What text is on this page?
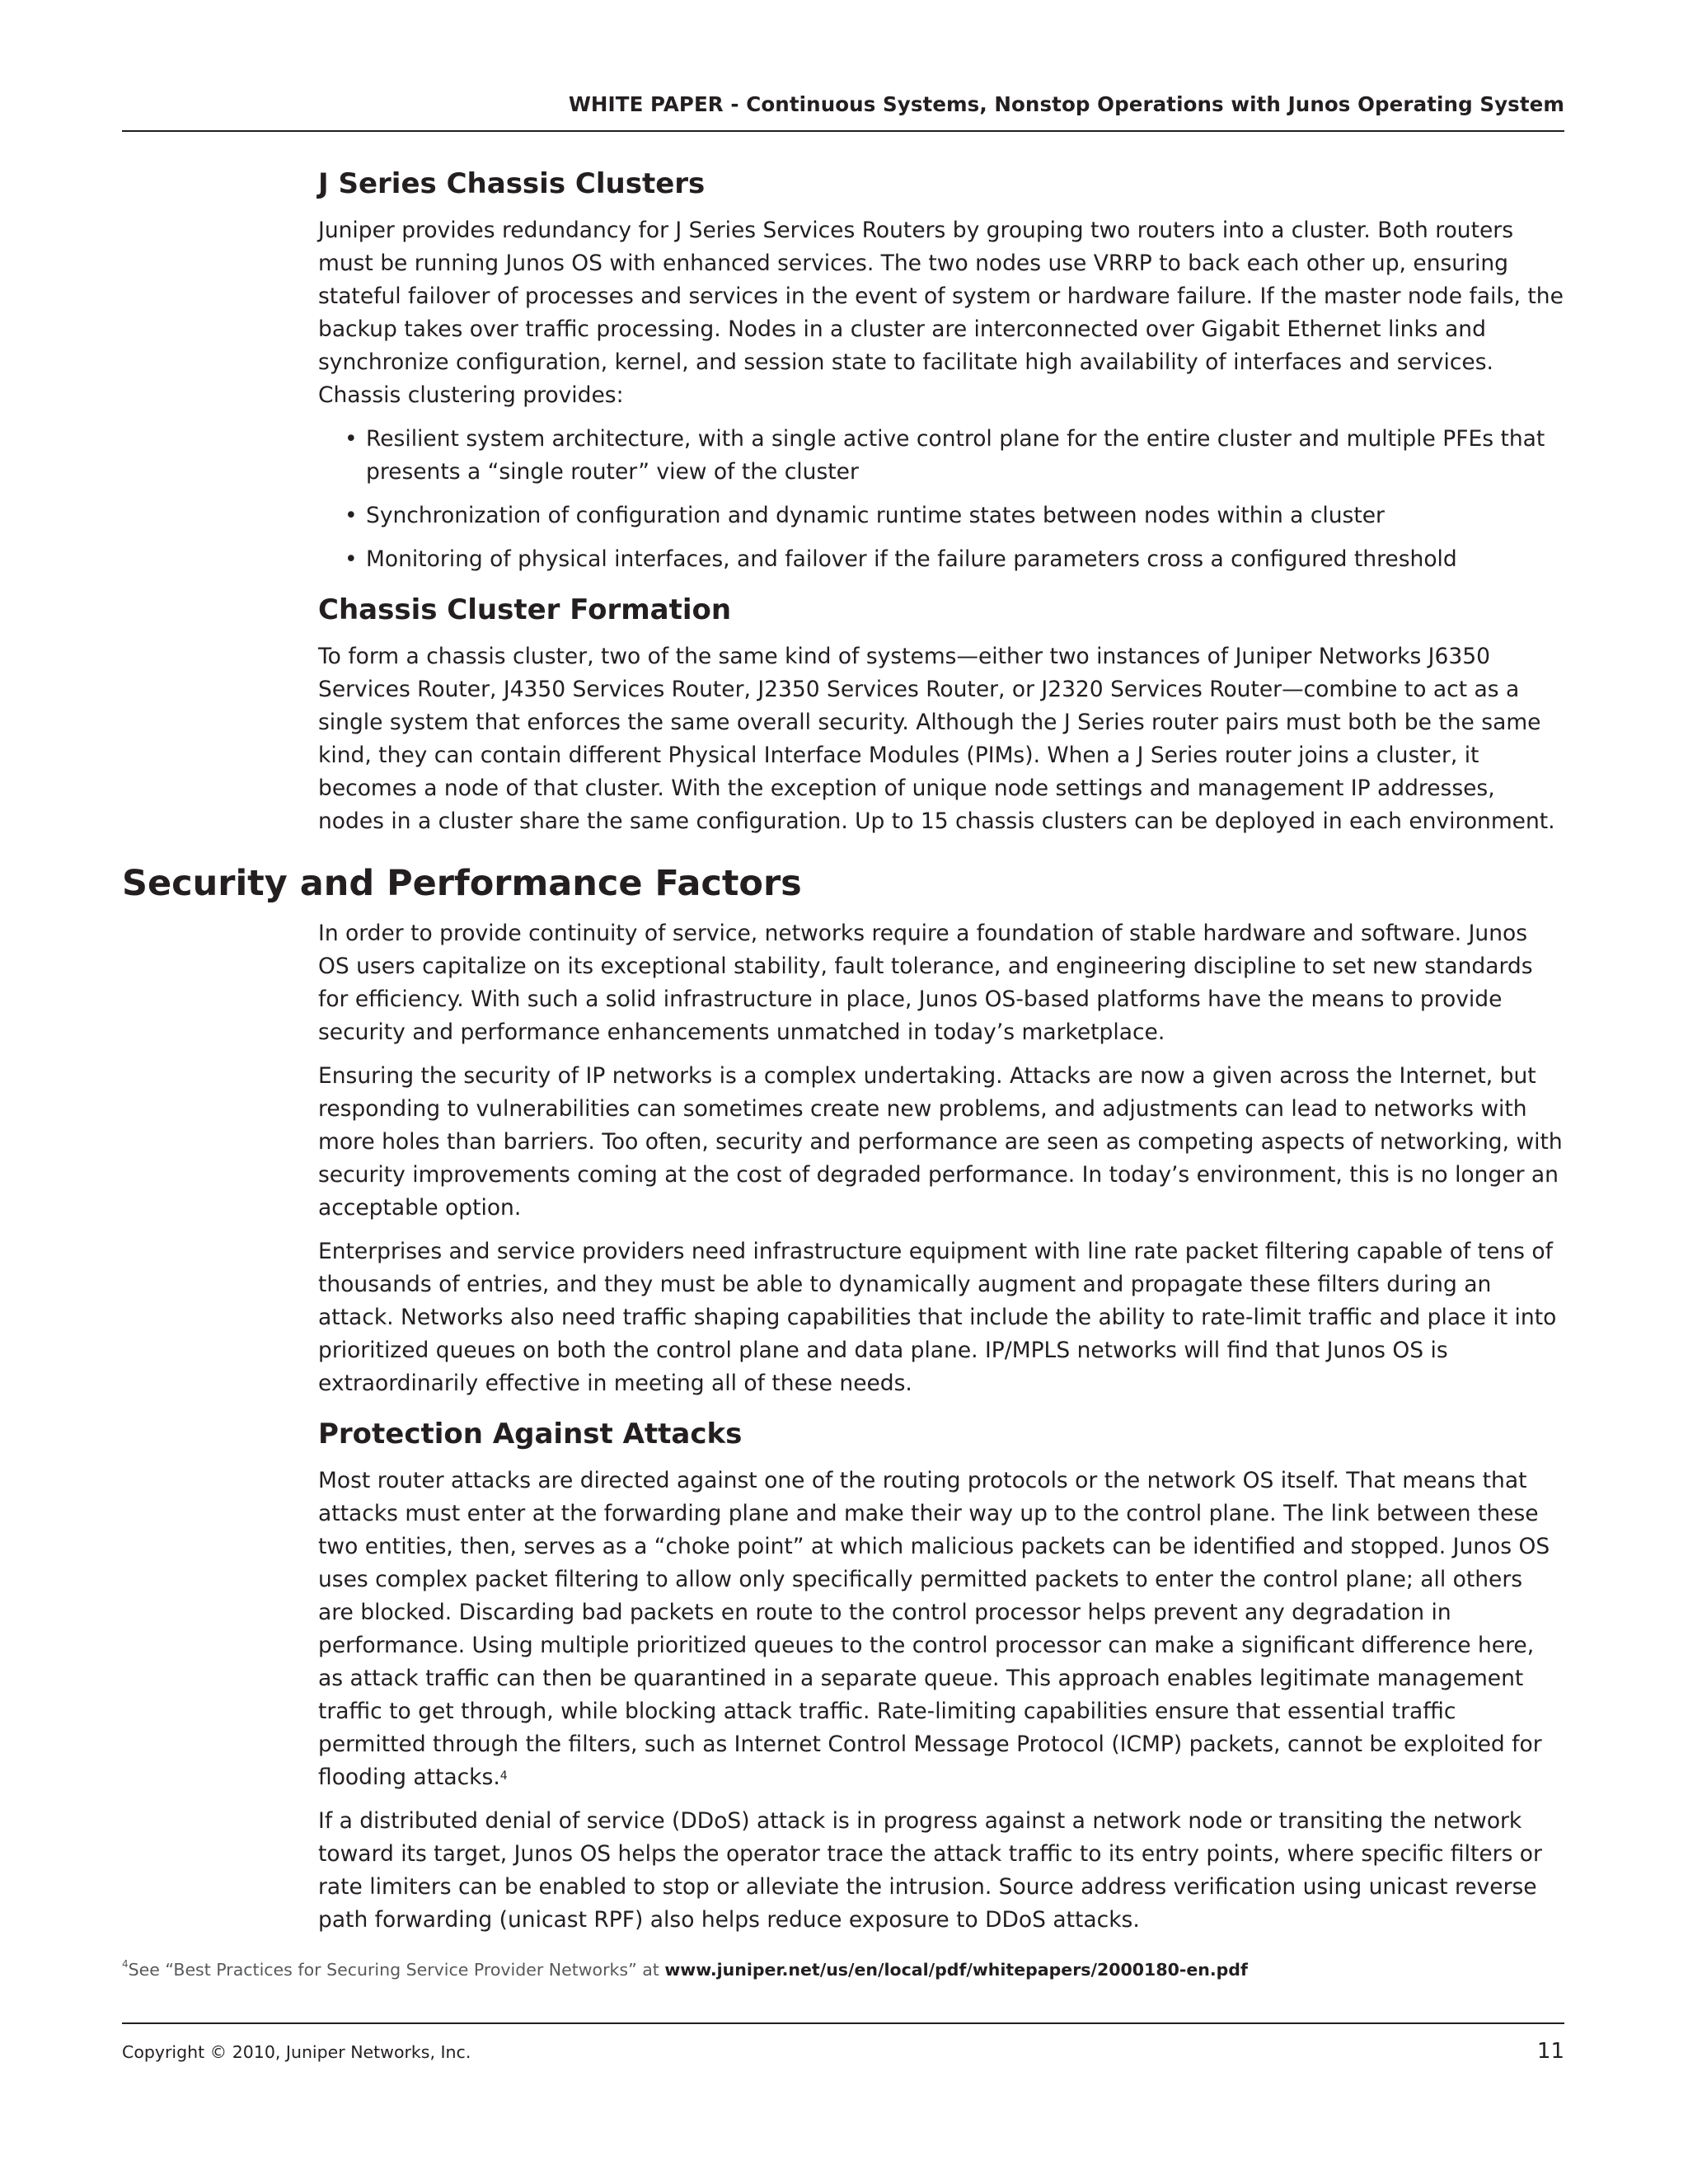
WHITE PAPER - Continuous Systems, Nonstop Operations with Junos Operating System
J Series Chassis Clusters

Juniper provides redundancy for J Series Services Routers by grouping two routers into a cluster. Both routers must be running Junos OS with enhanced services. The two nodes use VRRP to back each other up, ensuring stateful failover of processes and services in the event of system or hardware failure. If the master node fails, the backup takes over traffic processing. Nodes in a cluster are interconnected over Gigabit Ethernet links and synchronize configuration, kernel, and session state to facilitate high availability of interfaces and services. Chassis clustering provides:

• Resilient system architecture, with a single active control plane for the entire cluster and multiple PFEs that presents a “single router” view of the cluster
• Synchronization of configuration and dynamic runtime states between nodes within a cluster
• Monitoring of physical interfaces, and failover if the failure parameters cross a configured threshold
Chassis Cluster Formation

To form a chassis cluster, two of the same kind of systems—either two instances of Juniper Networks J6350 Services Router, J4350 Services Router, J2350 Services Router, or J2320 Services Router—combine to act as a single system that enforces the same overall security. Although the J Series router pairs must both be the same kind, they can contain different Physical Interface Modules (PIMs). When a J Series router joins a cluster, it becomes a node of that cluster. With the exception of unique node settings and management IP addresses, nodes in a cluster share the same configuration. Up to 15 chassis clusters can be deployed in each environment.

Security and Performance Factors

In order to provide continuity of service, networks require a foundation of stable hardware and software. Junos OS users capitalize on its exceptional stability, fault tolerance, and engineering discipline to set new standards for efficiency. With such a solid infrastructure in place, Junos OS-based platforms have the means to provide security and performance enhancements unmatched in today’s marketplace.

Ensuring the security of IP networks is a complex undertaking. Attacks are now a given across the Internet, but responding to vulnerabilities can sometimes create new problems, and adjustments can lead to networks with more holes than barriers. Too often, security and performance are seen as competing aspects of networking, with security improvements coming at the cost of degraded performance. In today’s environment, this is no longer an acceptable option.

Enterprises and service providers need infrastructure equipment with line rate packet filtering capable of tens of thousands of entries, and they must be able to dynamically augment and propagate these filters during an attack. Networks also need traffic shaping capabilities that include the ability to rate-limit traffic and place it into prioritized queues on both the control plane and data plane. IP/MPLS networks will find that Junos OS is extraordinarily effective in meeting all of these needs.

Protection Against Attacks

Most router attacks are directed against one of the routing protocols or the network OS itself. That means that attacks must enter at the forwarding plane and make their way up to the control plane. The link between these two entities, then, serves as a “choke point” at which malicious packets can be identified and stopped. Junos OS uses complex packet filtering to allow only specifically permitted packets to enter the control plane; all others are blocked. Discarding bad packets en route to the control processor helps prevent any degradation in performance. Using multiple prioritized queues to the control processor can make a significant difference here, as attack traffic can then be quarantined in a separate queue. This approach enables legitimate management traffic to get through, while blocking attack traffic. Rate-limiting capabilities ensure that essential traffic permitted through the filters, such as Internet Control Message Protocol (ICMP) packets, cannot be exploited for flooding attacks.$^4$

If a distributed denial of service (DDoS) attack is in progress against a network node or transiting the network toward its target, Junos OS helps the operator trace the attack traffic to its entry points, where specific filters or rate limiters can be enabled to stop or alleviate the intrusion. Source address verification using unicast reverse path forwarding (unicast RPF) also helps reduce exposure to DDoS attacks.

$^4$See “Best Practices for Securing Service Provider Networks” at www.juniper.net/us/en/local/pdf/whitepapers/2000180-en.pdf
Copyright © 2010, Juniper Networks, Inc.	11
